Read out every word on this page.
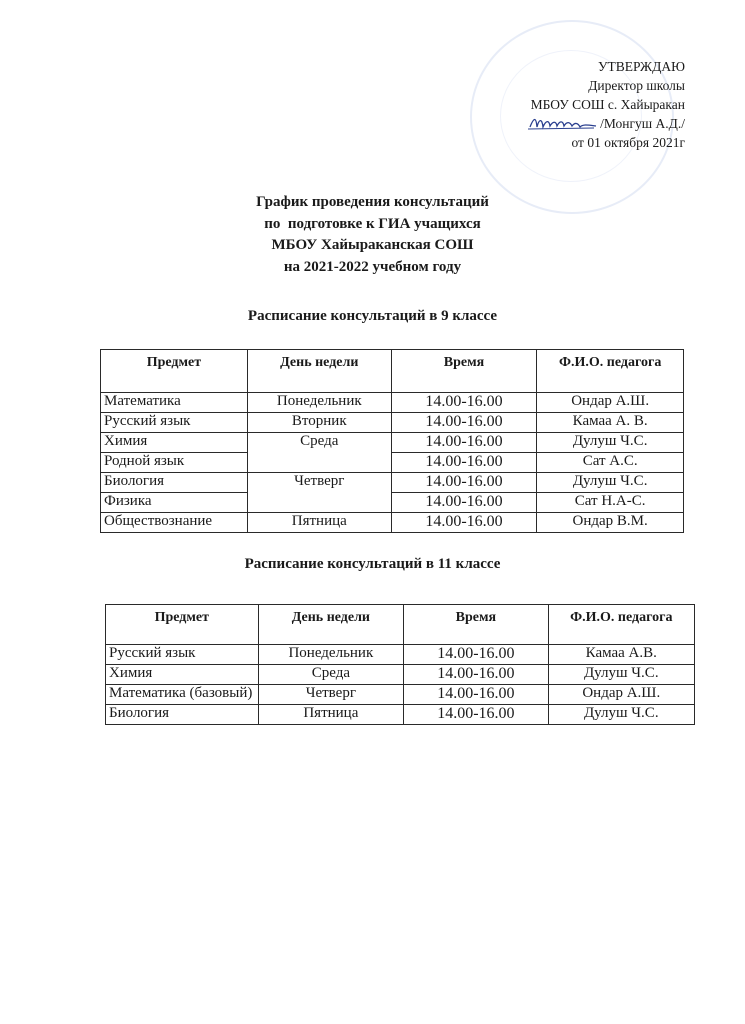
УТВЕРЖДАЮ
Директор школы
МБОУ СОШ с. Хайыракан
/Монгуш А.Д./
от 01 октября 2021г
График проведения консультаций
по  подготовке к ГИА учащихся
МБОУ Хайыраканская СОШ
на 2021-2022 учебном году
Расписание консультаций в 9 классе
Предмет	День недели	Время	Ф.И.О. педагога
Математика	Понедельник	14.00-16.00	Ондар А.Ш.
Русский язык	Вторник	14.00-16.00	Камаа А. В.
Химия	Среда	14.00-16.00	Дулуш Ч.С.
Родной язык		14.00-16.00	Сат А.С.
Биология	Четверг	14.00-16.00	Дулуш Ч.С.
Физика		14.00-16.00	Сат Н.А-С.
Обществознание	Пятница	14.00-16.00	Ондар В.М.
Расписание консультаций в 11 классе
Предмет	День недели	Время	Ф.И.О. педагога
Русский язык	Понедельник	14.00-16.00	Камаа А.В.
Химия	Среда	14.00-16.00	Дулуш Ч.С.
Математика (базовый)	Четверг	14.00-16.00	Ондар А.Ш.
Биология	Пятница	14.00-16.00	Дулуш Ч.С.
